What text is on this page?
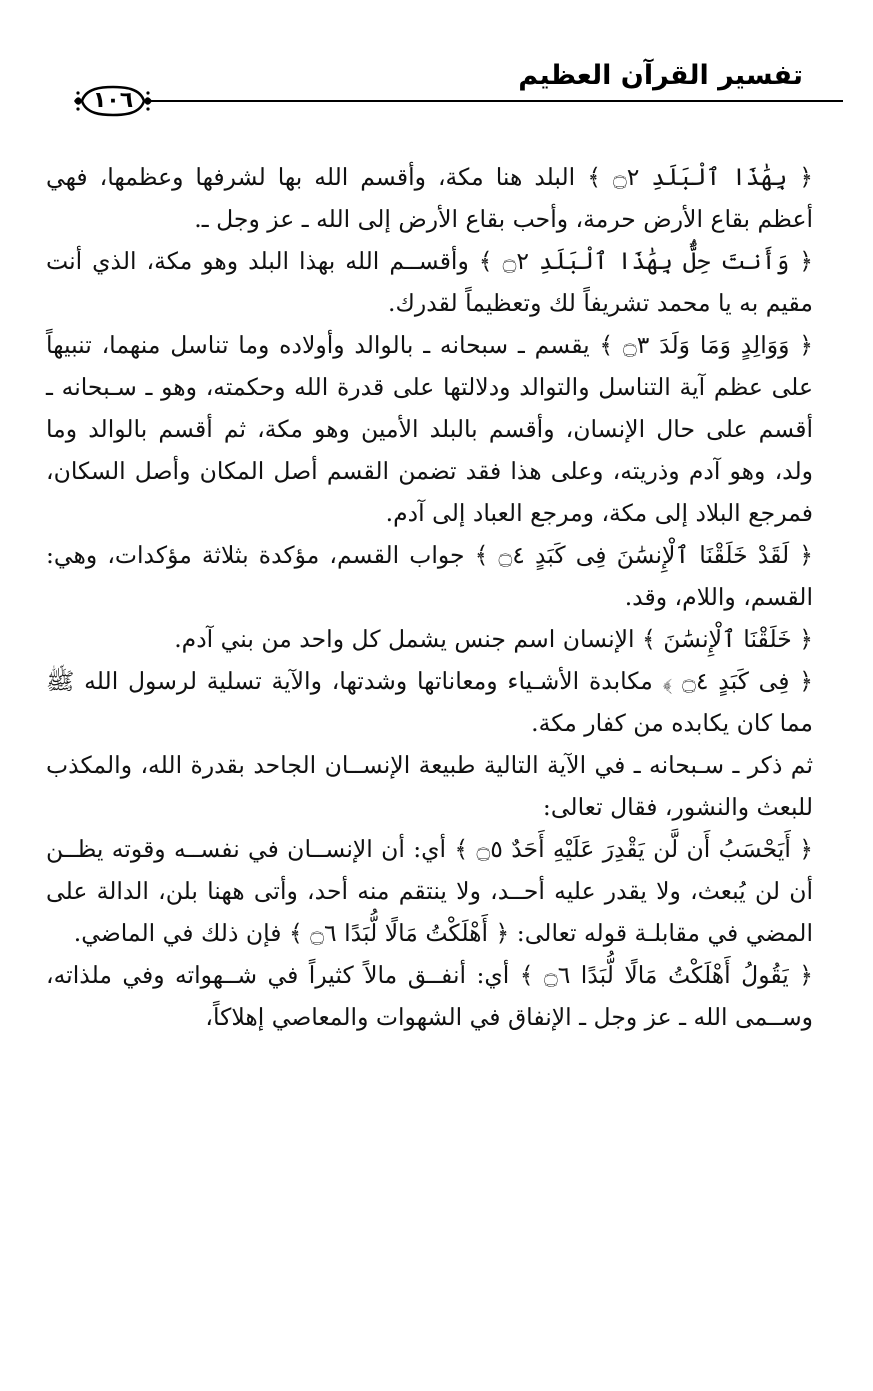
تفسير القرآن العظيم
١٠٦

﴿ بِهَٰذَا ٱلْبَلَدِ ۝٢ ﴾ البلد هنا مكة، وأقسم الله بها لشرفها وعظمها، فهي أعظم بقاع الأرض حرمة، وأحب بقاع الأرض إلى الله ـ عز وجل ـ.

﴿ وَأَنتَ حِلٌّۢ بِهَٰذَا ٱلْبَلَدِ ۝٢ ﴾ وأقســم الله بهذا البلد وهو مكة، الذي أنت مقيم به يا محمد تشريفاً لك وتعظيماً لقدرك.

﴿ وَوَالِدٍ وَمَا وَلَدَ ۝٣ ﴾ يقسم ـ سبحانه ـ بالوالد وأولاده وما تناسل منهما، تنبيهاً على عظم آية التناسل والتوالد ودلالتها على قدرة الله وحكمته، وهو ـ سـبحانه ـ أقسم على حال الإنسان، وأقسم بالبلد الأمين وهو مكة، ثم أقسم بالوالد وما ولد، وهو آدم وذريته، وعلى هذا فقد تضمن القسم أصل المكان وأصل السكان، فمرجع البلاد إلى مكة، ومرجع العباد إلى آدم.

﴿ لَقَدْ خَلَقْنَا ٱلْإِنسَٰنَ فِى كَبَدٍ ۝٤ ﴾ جواب القسم، مؤكدة بثلاثة مؤكدات، وهي: القسم، واللام، وقد.

﴿ خَلَقْنَا ٱلْإِنسَٰنَ ﴾ الإنسان اسم جنس يشمل كل واحد من بني آدم.

﴿ فِى كَبَدٍ ۝٤ ﴾ مكابدة الأشـياء ومعاناتها وشدتها، والآية تسلية لرسول الله ﷺ مما كان يكابده من كفار مكة.

ثم ذكر ـ سـبحانه ـ في الآية التالية طبيعة الإنســان الجاحد بقدرة الله، والمكذب للبعث والنشور، فقال تعالى:

﴿ أَيَحْسَبُ أَن لَّن يَقْدِرَ عَلَيْهِ أَحَدٌ ۝٥ ﴾ أي: أن الإنســان في نفســه وقوته يظــن أن لن يُبعث، ولا يقدر عليه أحــد، ولا ينتقم منه أحد، وأتى ههنا بلن، الدالة على المضي في مقابلـة قوله تعالى: ﴿ أَهْلَكْتُ مَالًا لُّبَدًا ۝٦ ﴾ فإن ذلك في الماضي.

﴿ يَقُولُ أَهْلَكْتُ مَالًا لُّبَدًا ۝٦ ﴾ أي: أنفــق مالاً كثيراً في شــهواته وفي ملذاته، وســمى الله ـ عز وجل ـ الإنفاق في الشهوات والمعاصي إهلاكاً،
